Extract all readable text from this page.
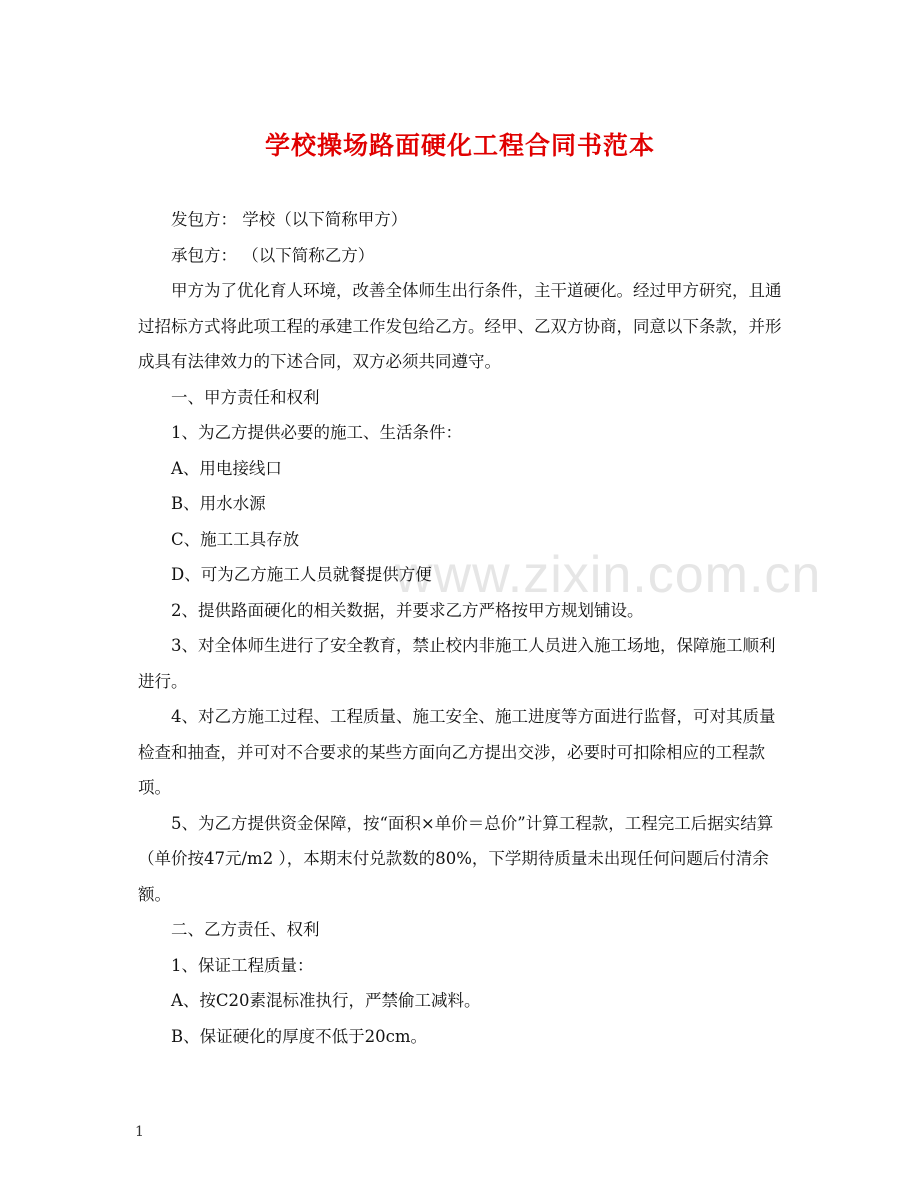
www.zixin.com.cn
学校操场路面硬化工程合同书范本

发包方： 学校（以下简称甲方）

承包方： （以下简称乙方）

甲方为了优化育人环境，改善全体师生出行条件，主干道硬化。经过甲方研究，且通过招标方式将此项工程的承建工作发包给乙方。经甲、乙双方协商，同意以下条款，并形成具有法律效力的下述合同，双方必须共同遵守。

一、甲方责任和权利

1、为乙方提供必要的施工、生活条件：

A、用电接线口

B、用水水源

C、施工工具存放

D、可为乙方施工人员就餐提供方便

2、提供路面硬化的相关数据，并要求乙方严格按甲方规划铺设。

3、对全体师生进行了安全教育，禁止校内非施工人员进入施工场地，保障施工顺利进行。

4、对乙方施工过程、工程质量、施工安全、施工进度等方面进行监督，可对其质量检查和抽查，并可对不合要求的某些方面向乙方提出交涉，必要时可扣除相应的工程款项。

5、为乙方提供资金保障，按“面积×单价＝总价”计算工程款，工程完工后据实结算（单价按47元/m2 ），本期末付兑款数的80%，下学期待质量未出现任何问题后付清余额。

二、乙方责任、权利

1、保证工程质量：

A、按C20素混标准执行，严禁偷工减料。

B、保证硬化的厚度不低于20cm。

1
